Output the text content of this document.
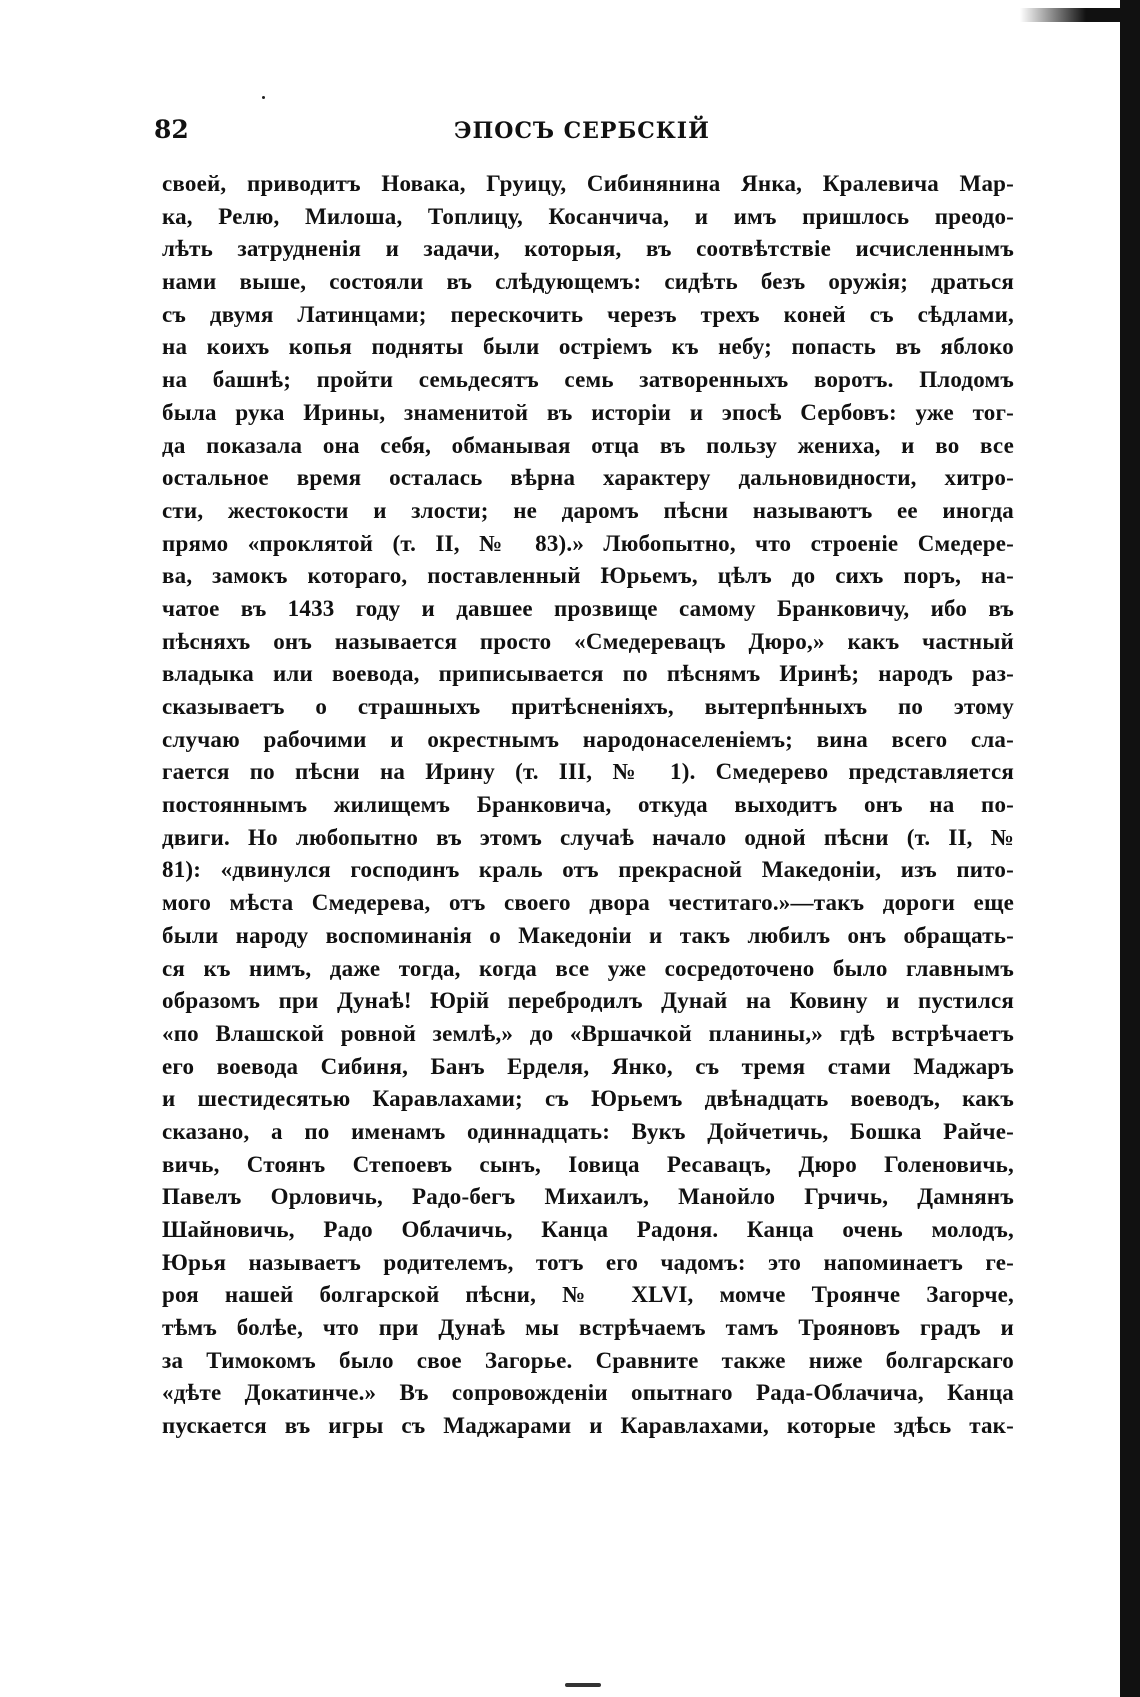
82	ЭПОСЪ СЕРБСКІЙ
своей, приводитъ Новака, Груицу, Сибинянина Янка, Кралевича Мар-
ка, Релю, Милоша, Топлицу, Косанчича, и имъ пришлось преодо-
лѣть затрудненія и задачи, которыя, въ соотвѣтствіе исчисленнымъ
нами выше, состояли въ слѣдующемъ: сидѣть безъ оружія; драться
съ двумя Латинцами; перескочить черезъ трехъ коней съ сѣдлами,
на коихъ копья подняты были остріемъ къ небу; попасть въ яблоко
на башнѣ; пройти семьдесятъ семь затворенныхъ воротъ. Плодомъ
была рука Ирины, знаменитой въ исторіи и эпосѣ Сербовъ: уже тог-
да показала она себя, обманывая отца въ пользу жениха, и во все
остальное время осталась вѣрна характеру дальновидности, хитро-
сти, жестокости и злости; не даромъ пѣсни называютъ ее иногда
прямо «проклятой (т. II, № 83).» Любопытно, что строеніе Смедере-
ва, замокъ котораго, поставленный Юрьемъ, цѣлъ до сихъ поръ, на-
чатое въ 1433 году и давшее прозвище самому Бранковичу, ибо въ
пѣсняхъ онъ называется просто «Смедеревацъ Дюро,» какъ частный
владыка или воевода, приписывается по пѣснямъ Иринѣ; народъ раз-
сказываетъ о страшныхъ притѣсненіяхъ, вытерпѣнныхъ по этому
случаю рабочими и окрестнымъ народонаселеніемъ; вина всего сла-
гается по пѣсни на Ирину (т. III, № 1). Смедерево представляется
постояннымъ жилищемъ Бранковича, откуда выходитъ онъ на по-
двиги. Но любопытно въ этомъ случаѣ начало одной пѣсни (т. II, №
81): «двинулся господинъ краль отъ прекрасной Македоніи, изъ пито-
мого мѣста Смедерева, отъ своего двора честитаго.»—такъ дороги еще
были народу воспоминанія о Македоніи и такъ любилъ онъ обращать-
ся къ нимъ, даже тогда, когда все уже сосредоточено было главнымъ
образомъ при Дунаѣ! Юрій перебродилъ Дунай на Ковину и пустился
«по Влашской ровной землѣ,» до «Вршачкой планины,» гдѣ встрѣчаетъ
его воевода Сибиня, Банъ Ерделя, Янко, съ тремя стами Маджаръ
и шестидесятью Каравлахами; съ Юрьемъ двѣнадцать воеводъ, какъ
сказано, а по именамъ одиннадцать: Вукъ Дойчетичь, Бошка Райче-
вичь, Стоянъ Степоевъ сынъ, Іовица Ресавацъ, Дюро Голеновичь,
Павелъ Орловичь, Радо-бегъ Михаилъ, Манойло Грчичь, Дамнянъ
Шайновичь, Радо Облачичь, Канца Радоня. Канца очень молодъ,
Юрья называетъ родителемъ, тотъ его чадомъ: это напоминаетъ ге-
роя нашей болгарской пѣсни, № XLVI, момче Троянче Загорче,
тѣмъ болѣе, что при Дунаѣ мы встрѣчаемъ тамъ Трояновъ градъ и
за Тимокомъ было свое Загорье. Сравните также ниже болгарскаго
«дѣте Докатинче.» Въ сопровожденіи опытнаго Рада-Облачича, Канца
пускается въ игры съ Маджарами и Каравлахами, которые здѣсь так-
